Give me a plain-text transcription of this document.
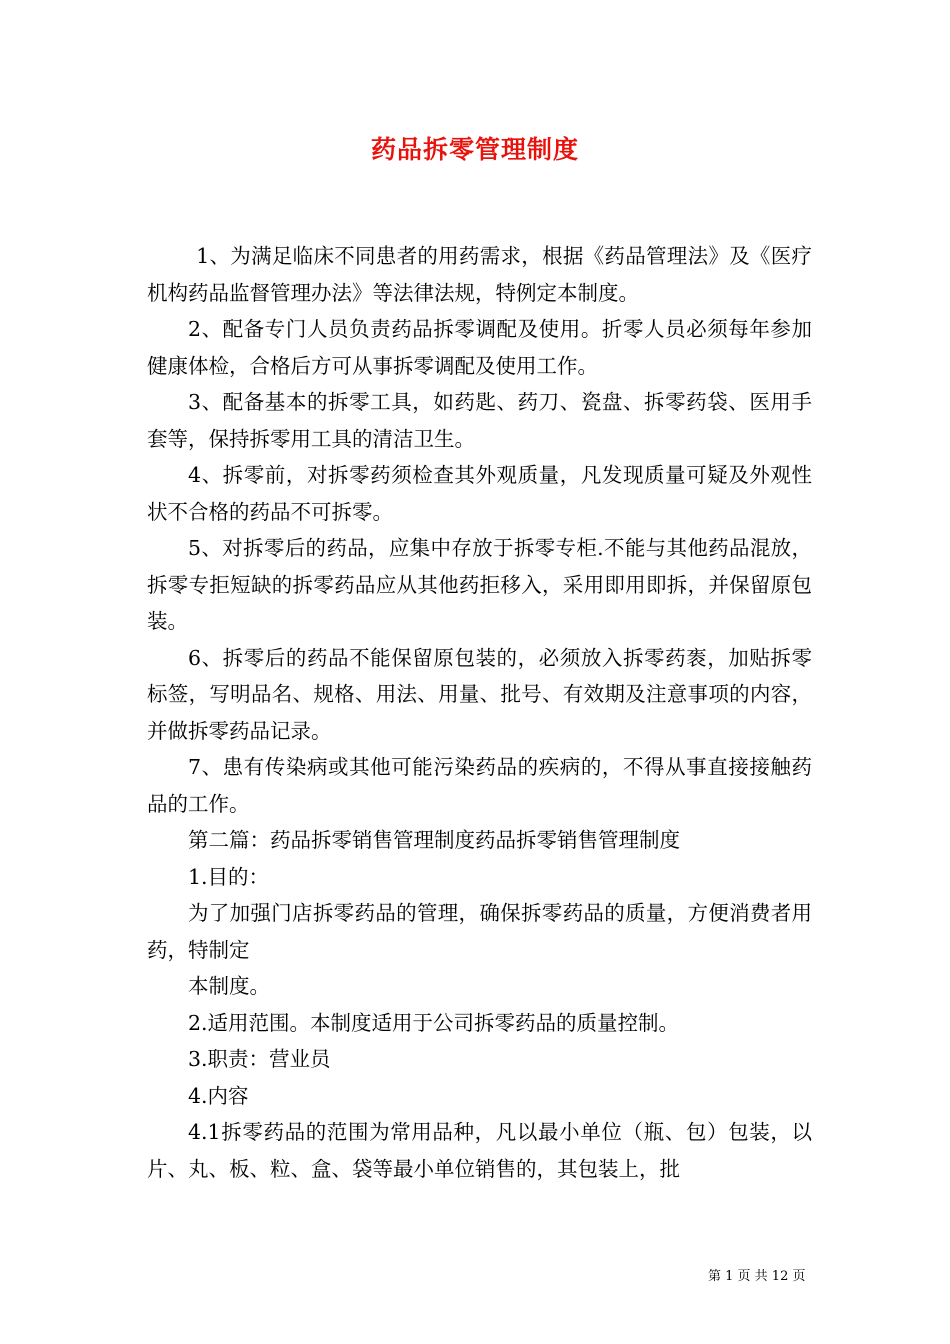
药品拆零管理制度

1、为满足临床不同患者的用药需求，根据《药品管理法》及《医疗机构药品监督管理办法》等法律法规，特例定本制度。

2、配备专门人员负责药品拆零调配及使用。折零人员必须每年参加健康体检，合格后方可从事拆零调配及使用工作。

3、配备基本的拆零工具，如药匙、药刀、瓷盘、拆零药袋、医用手套等，保持拆零用工具的清洁卫生。

4、拆零前，对拆零药须检查其外观质量，凡发现质量可疑及外观性状不合格的药品不可拆零。

5、对拆零后的药品，应集中存放于拆零专柜.不能与其他药品混放，拆零专拒短缺的拆零药品应从其他药拒移入，采用即用即拆，并保留原包装。

6、拆零后的药品不能保留原包装的，必须放入拆零药袠，加贴拆零标签，写明品名、规格、用法、用量、批号、有效期及注意事项的内容，并做拆零药品记录。

7、患有传染病或其他可能污染药品的疾病的，不得从事直接接触药品的工作。

第二篇：药品拆零销售管理制度药品拆零销售管理制度

1.目的：

为了加强门店拆零药品的管理，确保拆零药品的质量，方便消费者用药，特制定

本制度。

2.适用范围。本制度适用于公司拆零药品的质量控制。

3.职责：营业员

4.内容

4.1拆零药品的范围为常用品种，凡以最小单位（瓶、包）包装，以片、丸、板、粒、盒、袋等最小单位销售的，其包装上，批

第 1 页 共 12 页
